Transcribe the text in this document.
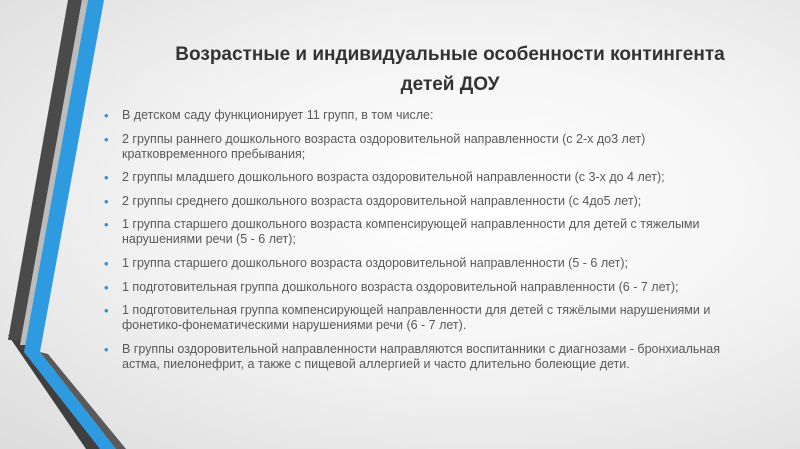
Возрастные и индивидуальные особенности контингента
детей ДОУ
• В детском саду функционирует 11 групп, в том числе:
• 2 группы раннего дошкольного возраста оздоровительной направленности (с 2-х до3 лет) кратковременного пребывания;
• 2 группы младшего дошкольного возраста оздоровительной направленности (с 3-х до 4 лет);
• 2 группы среднего дошкольного возраста оздоровительной направленности (с 4до5 лет);
• 1 группа старшего дошкольного возраста компенсирующей направленности для детей с тяжелыми нарушениями речи (5 - 6 лет);
• 1 группа старшего дошкольного возраста оздоровительной направленности (5 - 6 лет);
• 1 подготовительная группа дошкольного возраста оздоровительной направленности (6 - 7 лет);
• 1 подготовительная группа компенсирующей направленности для детей с тяжёлыми нарушениями и фонетико-фонематическими нарушениями речи (6 - 7 лет).
• В группы оздоровительной направленности направляются воспитанники с диагнозами - бронхиальная астма, пиелонефрит, а также с пищевой аллергией и часто длительно болеющие дети.
